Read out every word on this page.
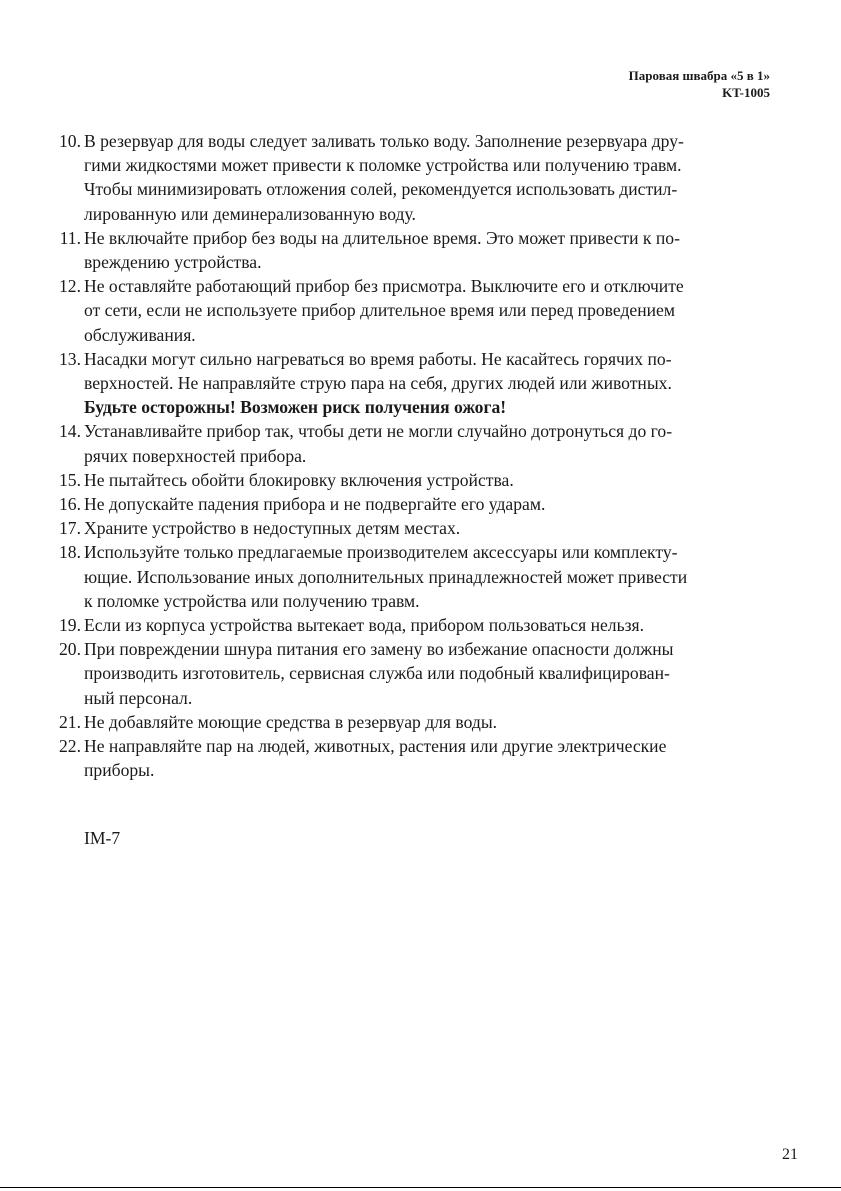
Паровая швабра «5 в 1»
KT-1005
10. В резервуар для воды следует заливать только воду. Заполнение резервуара дру-
гими жидкостями может привести к поломке устройства или получению травм.
Чтобы минимизировать отложения солей, рекомендуется использовать дистил-
лированную или деминерализованную воду.
11. Не включайте прибор без воды на длительное время. Это может привести к по-
вреждению устройства.
12. Не оставляйте работающий прибор без присмотра. Выключите его и отключите
от сети, если не используете прибор длительное время или перед проведением
обслуживания.
13. Насадки могут сильно нагреваться во время работы. Не касайтесь горячих по-
верхностей. Не направляйте струю пара на себя, других людей или животных.
Будьте осторожны! Возможен риск получения ожога!
14. Устанавливайте прибор так, чтобы дети не могли случайно дотронуться до го-
рячих поверхностей прибора.
15. Не пытайтесь обойти блокировку включения устройства.
16. Не допускайте падения прибора и не подвергайте его ударам.
17. Храните устройство в недоступных детям местах.
18. Используйте только предлагаемые производителем аксессуары или комплекту-
ющие. Использование иных дополнительных принадлежностей может привести
к поломке устройства или получению травм.
19. Если из корпуса устройства вытекает вода, прибором пользоваться нельзя.
20. При повреждении шнура питания его замену во избежание опасности должны
производить изготовитель, сервисная служба или подобный квалифицирован-
ный персонал.
21. Не добавляйте моющие средства в резервуар для воды.
22. Не направляйте пар на людей, животных, растения или другие электрические
приборы.
IM-7
21
